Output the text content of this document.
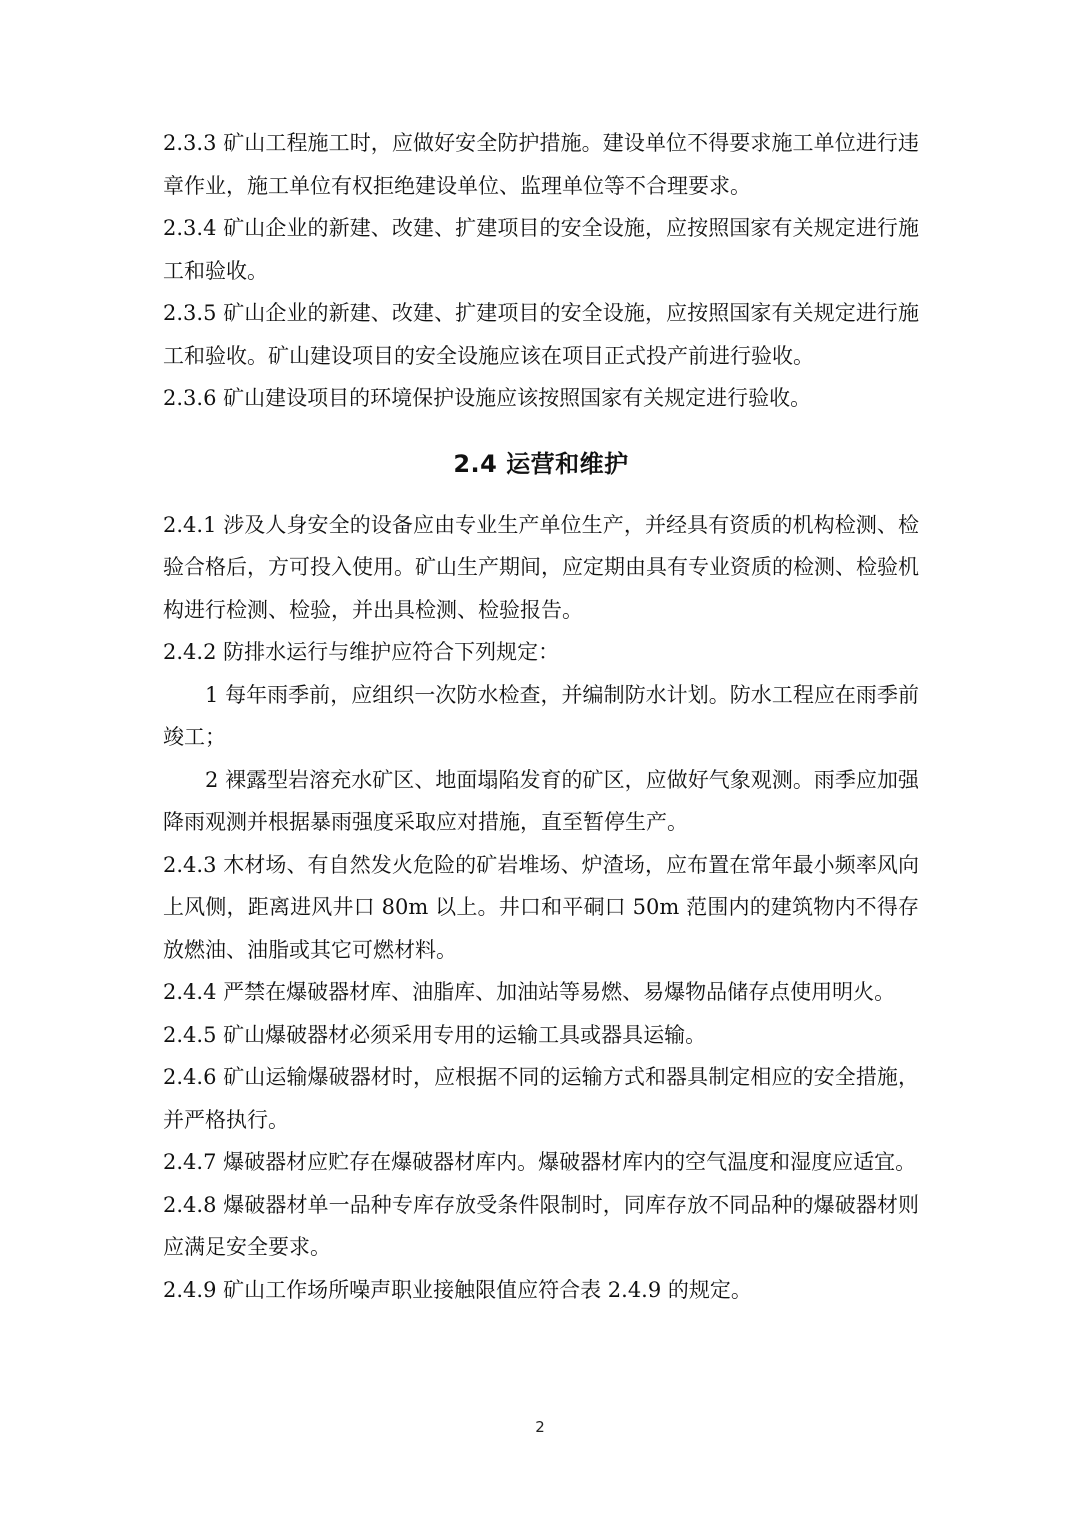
2.3.3 矿山工程施工时，应做好安全防护措施。建设单位不得要求施工单位进行违章作业，施工单位有权拒绝建设单位、监理单位等不合理要求。

2.3.4 矿山企业的新建、改建、扩建项目的安全设施，应按照国家有关规定进行施工和验收。

2.3.5 矿山企业的新建、改建、扩建项目的安全设施，应按照国家有关规定进行施工和验收。矿山建设项目的安全设施应该在项目正式投产前进行验收。

2.3.6 矿山建设项目的环境保护设施应该按照国家有关规定进行验收。

2.4 运营和维护

2.4.1 涉及人身安全的设备应由专业生产单位生产，并经具有资质的机构检测、检验合格后，方可投入使用。矿山生产期间，应定期由具有专业资质的检测、检验机构进行检测、检验，并出具检测、检验报告。

2.4.2 防排水运行与维护应符合下列规定：

1 每年雨季前，应组织一次防水检查，并编制防水计划。防水工程应在雨季前竣工；

2 裸露型岩溶充水矿区、地面塌陷发育的矿区，应做好气象观测。雨季应加强降雨观测并根据暴雨强度采取应对措施，直至暂停生产。

2.4.3 木材场、有自然发火危险的矿岩堆场、炉渣场，应布置在常年最小频率风向上风侧，距离进风井口 80m 以上。井口和平硐口 50m 范围内的建筑物内不得存放燃油、油脂或其它可燃材料。

2.4.4 严禁在爆破器材库、油脂库、加油站等易燃、易爆物品储存点使用明火。

2.4.5 矿山爆破器材必须采用专用的运输工具或器具运输。

2.4.6 矿山运输爆破器材时，应根据不同的运输方式和器具制定相应的安全措施，并严格执行。

2.4.7 爆破器材应贮存在爆破器材库内。爆破器材库内的空气温度和湿度应适宜。

2.4.8 爆破器材单一品种专库存放受条件限制时，同库存放不同品种的爆破器材则应满足安全要求。

2.4.9 矿山工作场所噪声职业接触限值应符合表 2.4.9 的规定。

2
